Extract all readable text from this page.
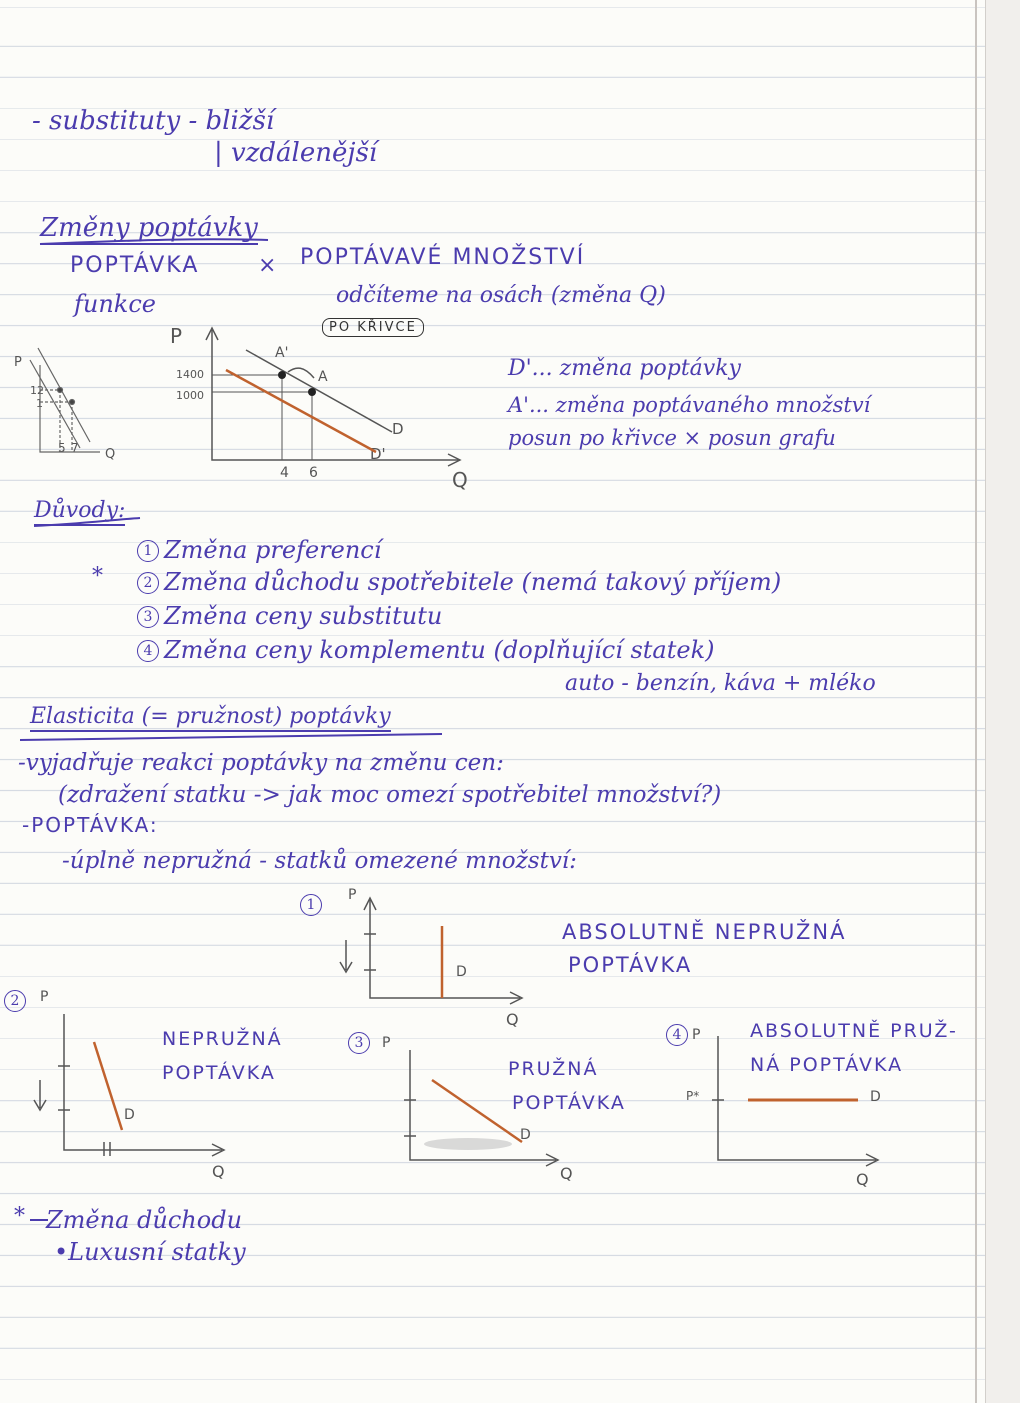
- substituty - bližší
| vzdálenější
Změny poptávky
POPTÁVKA	× POPTÁVAVÉ MNOŽSTVÍ
funkce	odčíteme na osách (změna Q)
PO KŘIVCE
P
12
1
5 7 Q
P
1400
1000
4 6	Q
A'
A
D
D'
D'... změna poptávky
A'... změna poptávaného množství
posun po křivce × posun grafu
Důvody:
*
Změna preferencí
Změna důchodu spotřebitele (nemá takový příjem)
Změna ceny substitutu
Změna ceny komplementu (doplňující statek)
auto - benzín, káva + mléko
1
2
3
4
Elasticita (= pružnost) poptávky
-vyjadřuje reakci poptávky na změnu cen:
(zdražení statku -> jak moc omezí spotřebitel množství?)
-POPTÁVKA:
-úplně nepružná - statků omezené množství:
1
P
Q
D
ABSOLUTNĚ NEPRUŽNÁ
POPTÁVKA
2	P
Q
D
NEPRUŽNÁ
POPTÁVKA
3	P
Q
D
PRUŽNÁ
POPTÁVKA
4 P
Q
D
P*
ABSOLUTNĚ PRUŽ-
NÁ POPTÁVKA
* Změna důchodu
•Luxusní statky
